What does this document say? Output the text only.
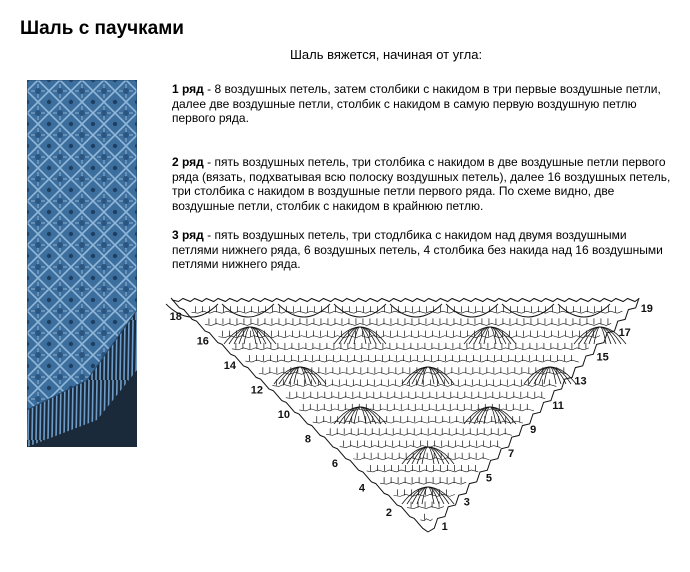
Шаль с паучками
Шаль вяжется, начиная от угла:
1 ряд - 8 воздушных петель, затем столбики с накидом в три первые воздушные петли,
далее две воздушные петли, столбик с накидом в самую первую воздушную петлю первого ряда.
2 ряд - пять воздушных петель, три столбика с накидом в две воздушные петли первого ряда (вязать, подхватывая всю полоску воздушных петель), далее 16 воздушных петель, три столбика с накидом в воздушные петли первого ряда. По схеме видно, две воздушные петли, столбик с накидом в крайнюю петлю.
3 ряд - пять воздушных петель, три стодлбика с накидом над двумя воздушными петлями нижнего ряда, 6 воздушных петель, 4 столбика без накида над 16 воздушными петлями нижнего ряда.
18
16
14
12
10
8
6
4
2
19
17
15
13
11
9
7
5
3
1
